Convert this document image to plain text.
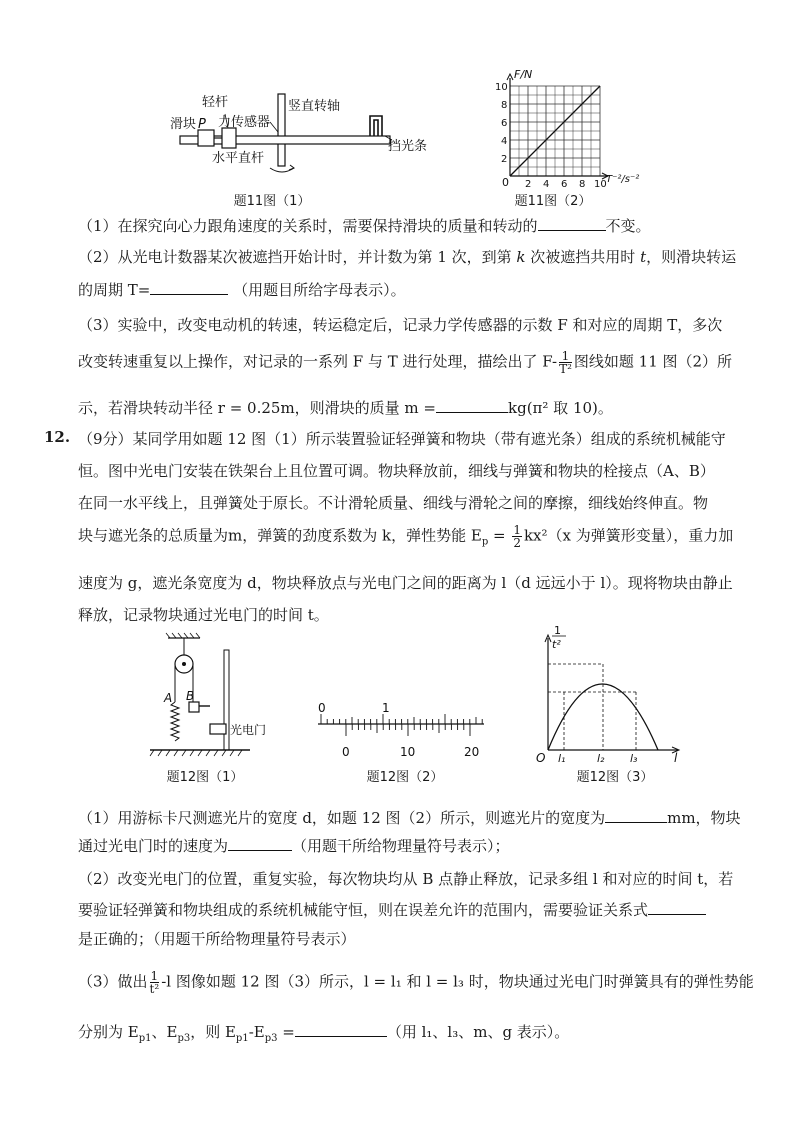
轻杆
滑块 P 力传感器
竖直转轴
挡光条
水平直杆
题11图（1）
2 4 6 8 10
2
4
6
8
10
F/N
T⁻²/s⁻²
0
题11图（2）
（1）在探究向心力跟角速度的关系时，需要保持滑块的质量和转动的	不变。
（2）从光电计数器某次被遮挡开始计时，并计数为第 1 次，到第 k 次被遮挡共用时 t，则滑块转运
的周期 T=	（用题目所给字母表示）。
（3）实验中，改变电动机的转速，转运稳定后，记录力学传感器的示数 F 和对应的周期 T，多次
改变转速重复以上操作，对记录的一系列 F 与 T 进行处理，描绘出了 $F- \frac{1}{\text{T²}}$ 图线如题 11 图（2）所
示，若滑块转动半径 r = 0.25m，则滑块的质量 m =	kg(π² 取 10)。
12. （9分）某同学用如题 12 图（1）所示装置验证轻弹簧和物块（带有遮光条）组成的系统机械能守
恒。图中光电门安装在铁架台上且位置可调。物块释放前，细线与弹簧和物块的栓接点（A、B）
在同一水平线上，且弹簧处于原长。不计滑轮质量、细线与滑轮之间的摩擦，细线始终伸直。物
块与遮光条的总质量为m，弹簧的劲度系数为 k，弹性势能 $E_p = \frac{1}{2} kx^2(x$ 为弹簧形变量），重力加
速度为 g，遮光条宽度为 d，物块释放点与光电门之间的距离为 l（d 远远小于 l）。现将物块由静止
释放，记录物块通过光电门的时间 t。
A B
光电门
题12图（1）
0	1
0	10	20
题12图（2）
1
t²
l
O l₁	l₂ l₃
题12图（3）
（1）用游标卡尺测遮光片的宽度 d，如题 12 图（2）所示，则遮光片的宽度为	mm，物块
通过光电门时的速度为	（用题干所给物理量符号表示）；
（2）改变光电门的位置，重复实验，每次物块均从 B 点静止释放，记录多组 l 和对应的时间 t，若
要验证轻弹簧和物块组成的系统机械能守恒，则在误差允许的范围内，需要验证关系式
是正确的；（用题干所给物理量符号表示）
（3）做出 $\frac{1}{\text{t²}} -l$ 图像如题 12 图（3）所示，l = l₁ 和 l = l₃ 时，物块通过光电门时弹簧具有的弹性势能
分别为 $E_{p1}$、$E_{p3}$，则 $E_{p1}-E_{p3}$ =	（用 l₁、l₃、m、g 表示）。
